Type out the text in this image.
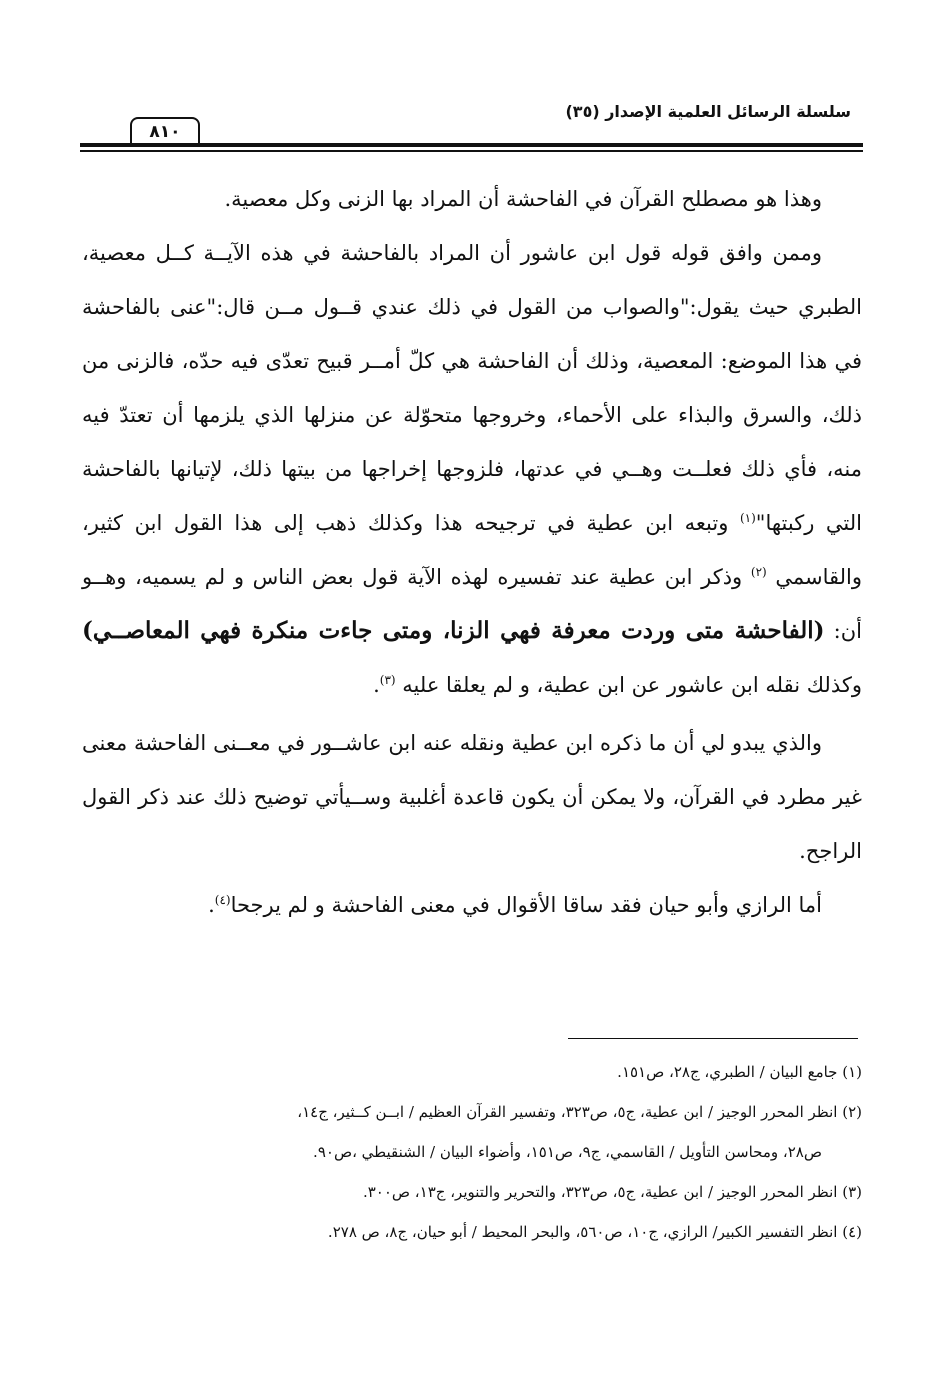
سلسلة الرسائل العلمية الإصدار (٣٥)
٨١٠

وهذا هو مصطلح القرآن في الفاحشة أن المراد بها الزنى وكل معصية.

وممن وافق قوله قول ابن عاشور أن المراد بالفاحشة في هذه الآيــة كــل معصية، الطبري حيث يقول:"والصواب من القول في ذلك عندي قــول مــن قال:"عنى بالفاحشة في هذا الموضع: المعصية، وذلك أن الفاحشة هي كلّ أمــر قبيح تعدّى فيه حدّه، فالزنى من ذلك، والسرق والبذاء على الأحماء، وخروجها متحوّلة عن منزلها الذي يلزمها أن تعتدّ فيه منه، فأي ذلك فعلــت وهــي في عدتها، فلزوجها إخراجها من بيتها ذلك، لإتيانها بالفاحشة التي ركبتها"$^{(١)}$ وتبعه ابن عطية في ترجيحه هذا وكذلك ذهب إلى هذا القول ابن كثير، والقاسمي $^{(٢)}$ وذكر ابن عطية عند تفسيره لهذه الآية قول بعض الناس و لم يسميه، وهــو أن: (الفاحشة متى وردت معرفة فهي الزنا، ومتى جاءت منكرة فهي المعاصــي) وكذلك نقله ابن عاشور عن ابن عطية، و لم يعلقا عليه $^{(٣)}$.

والذي يبدو لي أن ما ذكره ابن عطية ونقله عنه ابن عاشــور في معــنى الفاحشة معنى غير مطرد في القرآن، ولا يمكن أن يكون قاعدة أغلبية وســيأتي توضيح ذلك عند ذكر القول الراجح.

أما الرازي وأبو حيان فقد ساقا الأقوال في معنى الفاحشة و لم يرجحا$^{(٤)}$.

(١) جامع البيان / الطبري، ج٢٨، ص١٥١.

(٢) انظر المحرر الوجيز / ابن عطية، ج٥، ص٣٢٣، وتفسير القرآن العظيم / ابــن كــثير، ج١٤،

ص٢٨، ومحاسن التأويل / القاسمي، ج٩، ص١٥١، وأضواء البيان / الشنقيطي ،ص٩٠.

(٣) انظر المحرر الوجيز / ابن عطية، ج٥، ص٣٢٣، والتحرير والتنوير، ج١٣، ص٣٠٠.

(٤) انظر التفسير الكبير/ الرازي، ج١٠، ص٥٦٠، والبحر المحيط / أبو حيان، ج٨، ص ٢٧٨.
